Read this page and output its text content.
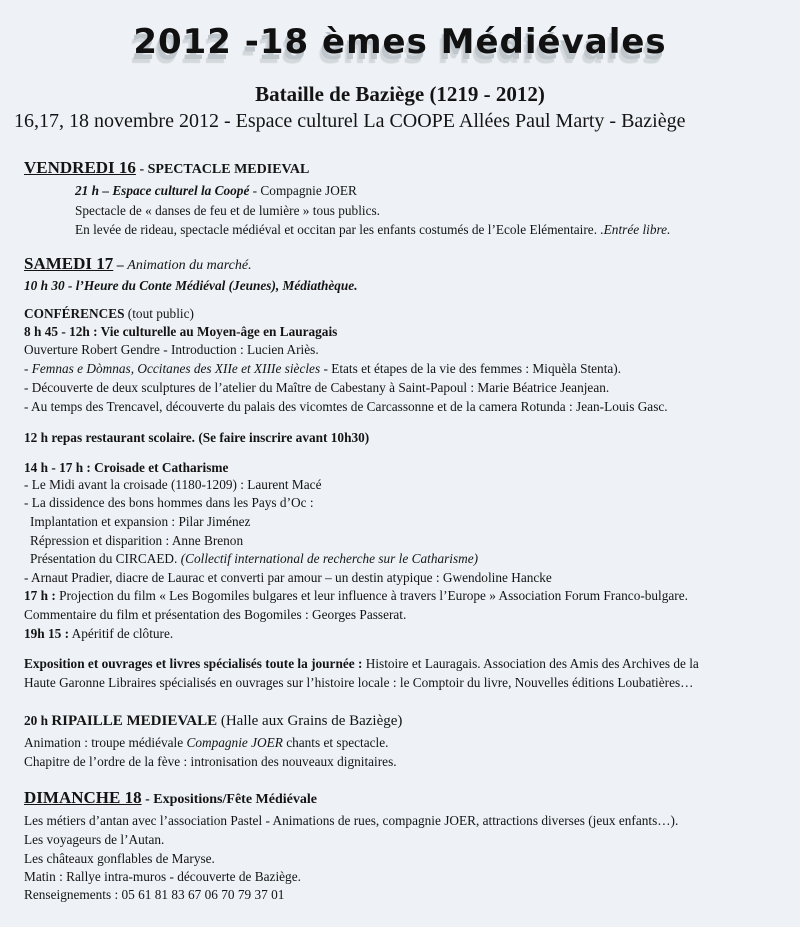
2012 -18 èmes Médiévales
Bataille de Baziège (1219 - 2012)
16,17, 18 novembre 2012 - Espace culturel La COOPE Allées Paul Marty - Baziège
VENDREDI 16 - SPECTACLE MEDIEVAL
21 h – Espace culturel la Coopé - Compagnie JOER
Spectacle de « danses de feu et de lumière » tous publics.
En levée de rideau, spectacle médiéval et occitan par les enfants costumés de l’Ecole Elémentaire. .Entrée libre.
SAMEDI 17 – Animation du marché.
10 h 30 - l’Heure du Conte Médiéval (Jeunes), Médiathèque.
CONFÉRENCES (tout public)
8 h 45 - 12h : Vie culturelle au Moyen-âge en Lauragais
Ouverture Robert Gendre - Introduction : Lucien Ariès.
- Femnas e Dòmnas, Occitanes des XIIe et XIIIe siècles - Etats et étapes de la vie des femmes : Miquèla Stenta).
- Découverte de deux sculptures de l’atelier du Maître de Cabestany à Saint-Papoul : Marie Béatrice Jeanjean.
- Au temps des Trencavel, découverte du palais des vicomtes de Carcassonne et de la camera Rotunda : Jean-Louis Gasc.
12 h repas restaurant scolaire. (Se faire inscrire avant 10h30)
14 h - 17 h : Croisade et Catharisme
- Le Midi avant la croisade (1180-1209) : Laurent Macé
- La dissidence des bons hommes dans les Pays d’Oc :
Implantation et expansion : Pilar Jiménez
Répression et disparition : Anne Brenon
Présentation du CIRCAED. (Collectif international de recherche sur le Catharisme)
- Arnaut Pradier, diacre de Laurac et converti par amour – un destin atypique : Gwendoline Hancke
17 h : Projection du film « Les Bogomiles bulgares et leur influence à travers l’Europe » Association Forum Franco-bulgare.
Commentaire du film et présentation des Bogomiles : Georges Passerat.
19h 15 : Apéritif de clôture.
Exposition et ouvrages et livres spécialisés toute la journée : Histoire et Lauragais. Association des Amis des Archives de la
Haute Garonne Libraires spécialisés en ouvrages sur l’histoire locale : le Comptoir du livre, Nouvelles éditions Loubatières…
20 h RIPAILLE MEDIEVALE (Halle aux Grains de Baziège)
Animation : troupe médiévale Compagnie JOER chants et spectacle.
Chapitre de l’ordre de la fève : intronisation des nouveaux dignitaires.
DIMANCHE 18 - Expositions/Fête Médiévale
Les métiers d’antan avec l’association Pastel - Animations de rues, compagnie JOER, attractions diverses (jeux enfants…).
Les voyageurs de l’Autan.
Les châteaux gonflables de Maryse.
Matin : Rallye intra-muros - découverte de Baziège.
Renseignements : 05 61 81 83 67 06 70 79 37 01
